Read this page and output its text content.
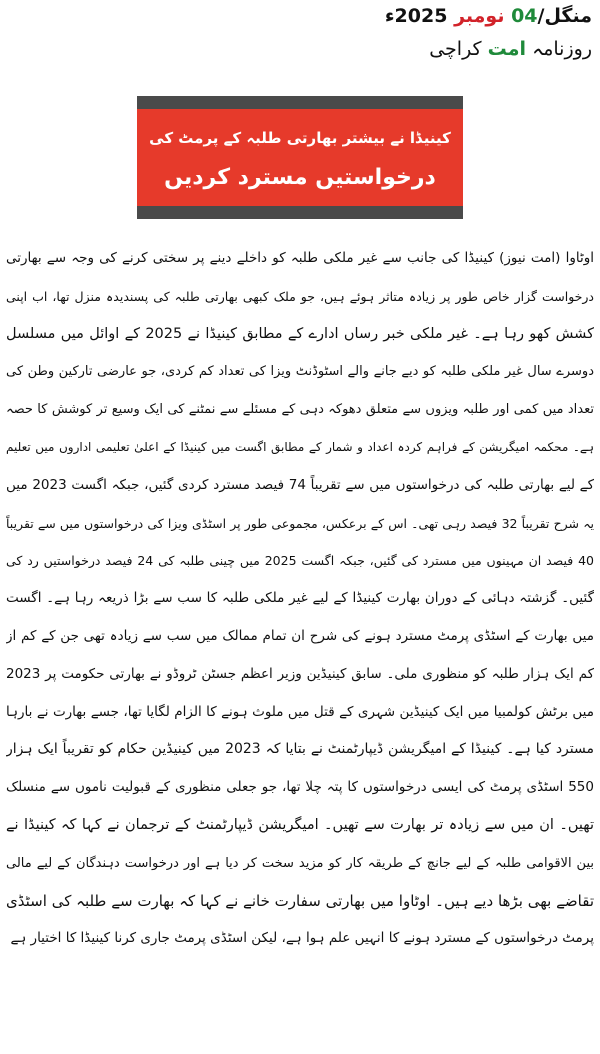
منگل/04 نومبر 2025ء
روزنامہ امت کراچی
کینیڈا نے بیشتر بھارتی طلبہ کے پرمٹ کی
درخواستیں مسترد کردیں
اوٹاوا (امت نیوز) کینیڈا کی جانب سے غیر ملکی طلبہ کو داخلے دینے پر سختی کرنے کی وجہ سے بھارتی
درخواست گزار خاص طور پر زیادہ متاثر ہوئے ہیں، جو ملک کبھی بھارتی طلبہ کی پسندیدہ منزل تھا، اب اپنی
کشش کھو رہا ہے۔ غیر ملکی خبر رساں ادارے کے مطابق کینیڈا نے 2025 کے اوائل میں مسلسل
دوسرے سال غیر ملکی طلبہ کو دیے جانے والے اسٹوڈنٹ ویزا کی تعداد کم کردی، جو عارضی تارکین وطن کی
تعداد میں کمی اور طلبہ ویزوں سے متعلق دھوکہ دہی کے مسئلے سے نمٹنے کی ایک وسیع تر کوشش کا حصہ
ہے۔ محکمہ امیگریشن کے فراہم کردہ اعداد و شمار کے مطابق اگست میں کینیڈا کے اعلیٰ تعلیمی اداروں میں تعلیم
کے لیے بھارتی طلبہ کی درخواستوں میں سے تقریباً 74 فیصد مسترد کردی گئیں، جبکہ اگست 2023 میں
یہ شرح تقریباً 32 فیصد رہی تھی۔ اس کے برعکس، مجموعی طور پر اسٹڈی ویزا کی درخواستوں میں سے تقریباً
40 فیصد ان مہینوں میں مسترد کی گئیں، جبکہ اگست 2025 میں چینی طلبہ کی 24 فیصد درخواستیں رد کی
گئیں۔ گزشتہ دہائی کے دوران بھارت کینیڈا کے لیے غیر ملکی طلبہ کا سب سے بڑا ذریعہ رہا ہے۔ اگست
میں بھارت کے اسٹڈی پرمٹ مسترد ہونے کی شرح ان تمام ممالک میں سب سے زیادہ تھی جن کے کم از
کم ایک ہزار طلبہ کو منظوری ملی۔ سابق کینیڈین وزیر اعظم جسٹن ٹروڈو نے بھارتی حکومت پر 2023
میں برٹش کولمبیا میں ایک کینیڈین شہری کے قتل میں ملوث ہونے کا الزام لگایا تھا، جسے بھارت نے بارہا
مسترد کیا ہے۔ کینیڈا کے امیگریشن ڈیپارٹمنٹ نے بتایا کہ 2023 میں کینیڈین حکام کو تقریباً ایک ہزار
550 اسٹڈی پرمٹ کی ایسی درخواستوں کا پتہ چلا تھا، جو جعلی منظوری کے قبولیت ناموں سے منسلک
تھیں۔ ان میں سے زیادہ تر بھارت سے تھیں۔ امیگریشن ڈیپارٹمنٹ کے ترجمان نے کہا کہ کینیڈا نے
بین الاقوامی طلبہ کے لیے جانچ کے طریقہ کار کو مزید سخت کر دیا ہے اور درخواست دہندگان کے لیے مالی
تقاضے بھی بڑھا دیے ہیں۔ اوٹاوا میں بھارتی سفارت خانے نے کہا کہ بھارت سے طلبہ کی اسٹڈی
پرمٹ درخواستوں کے مسترد ہونے کا انہیں علم ہوا ہے، لیکن اسٹڈی پرمٹ جاری کرنا کینیڈا کا اختیار ہے
